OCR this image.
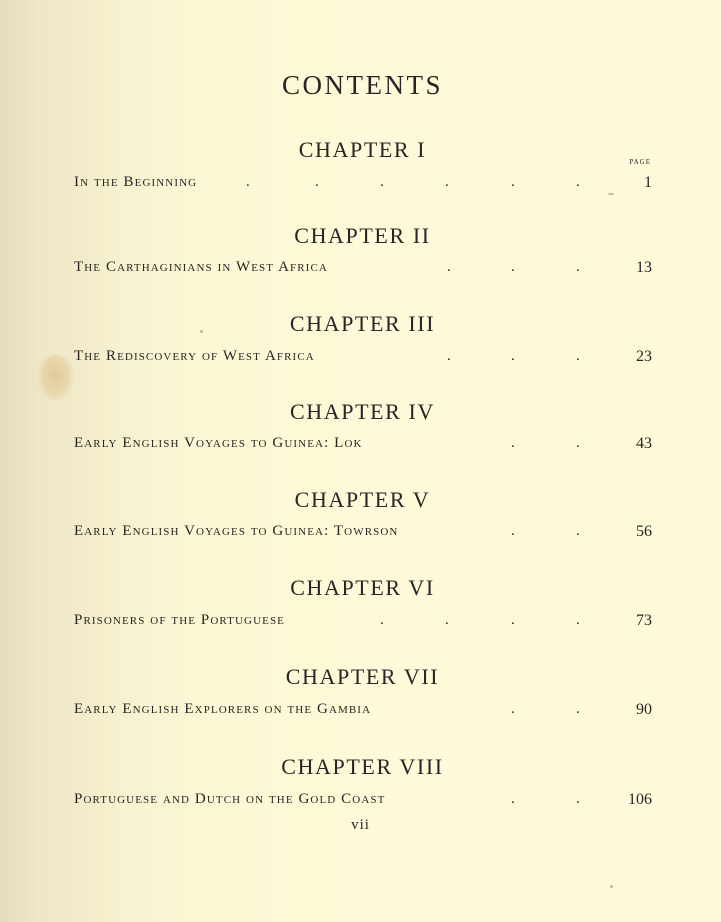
CONTENTS
page
CHAPTER I
In the Beginning	.	.	.	.	.	.	1
CHAPTER II
The Carthaginians in West Africa	.	.	.	13
CHAPTER III
The Rediscovery of West Africa	.	.	.	23
CHAPTER IV
Early English Voyages to Guinea: Lok	.	.	43
CHAPTER V
Early English Voyages to Guinea: Towrson	.	.	56
CHAPTER VI
Prisoners of the Portuguese	.	.	.	.	73
CHAPTER VII
Early English Explorers on the Gambia	.	.	90
CHAPTER VIII
Portuguese and Dutch on the Gold Coast	.	.	106
vii
